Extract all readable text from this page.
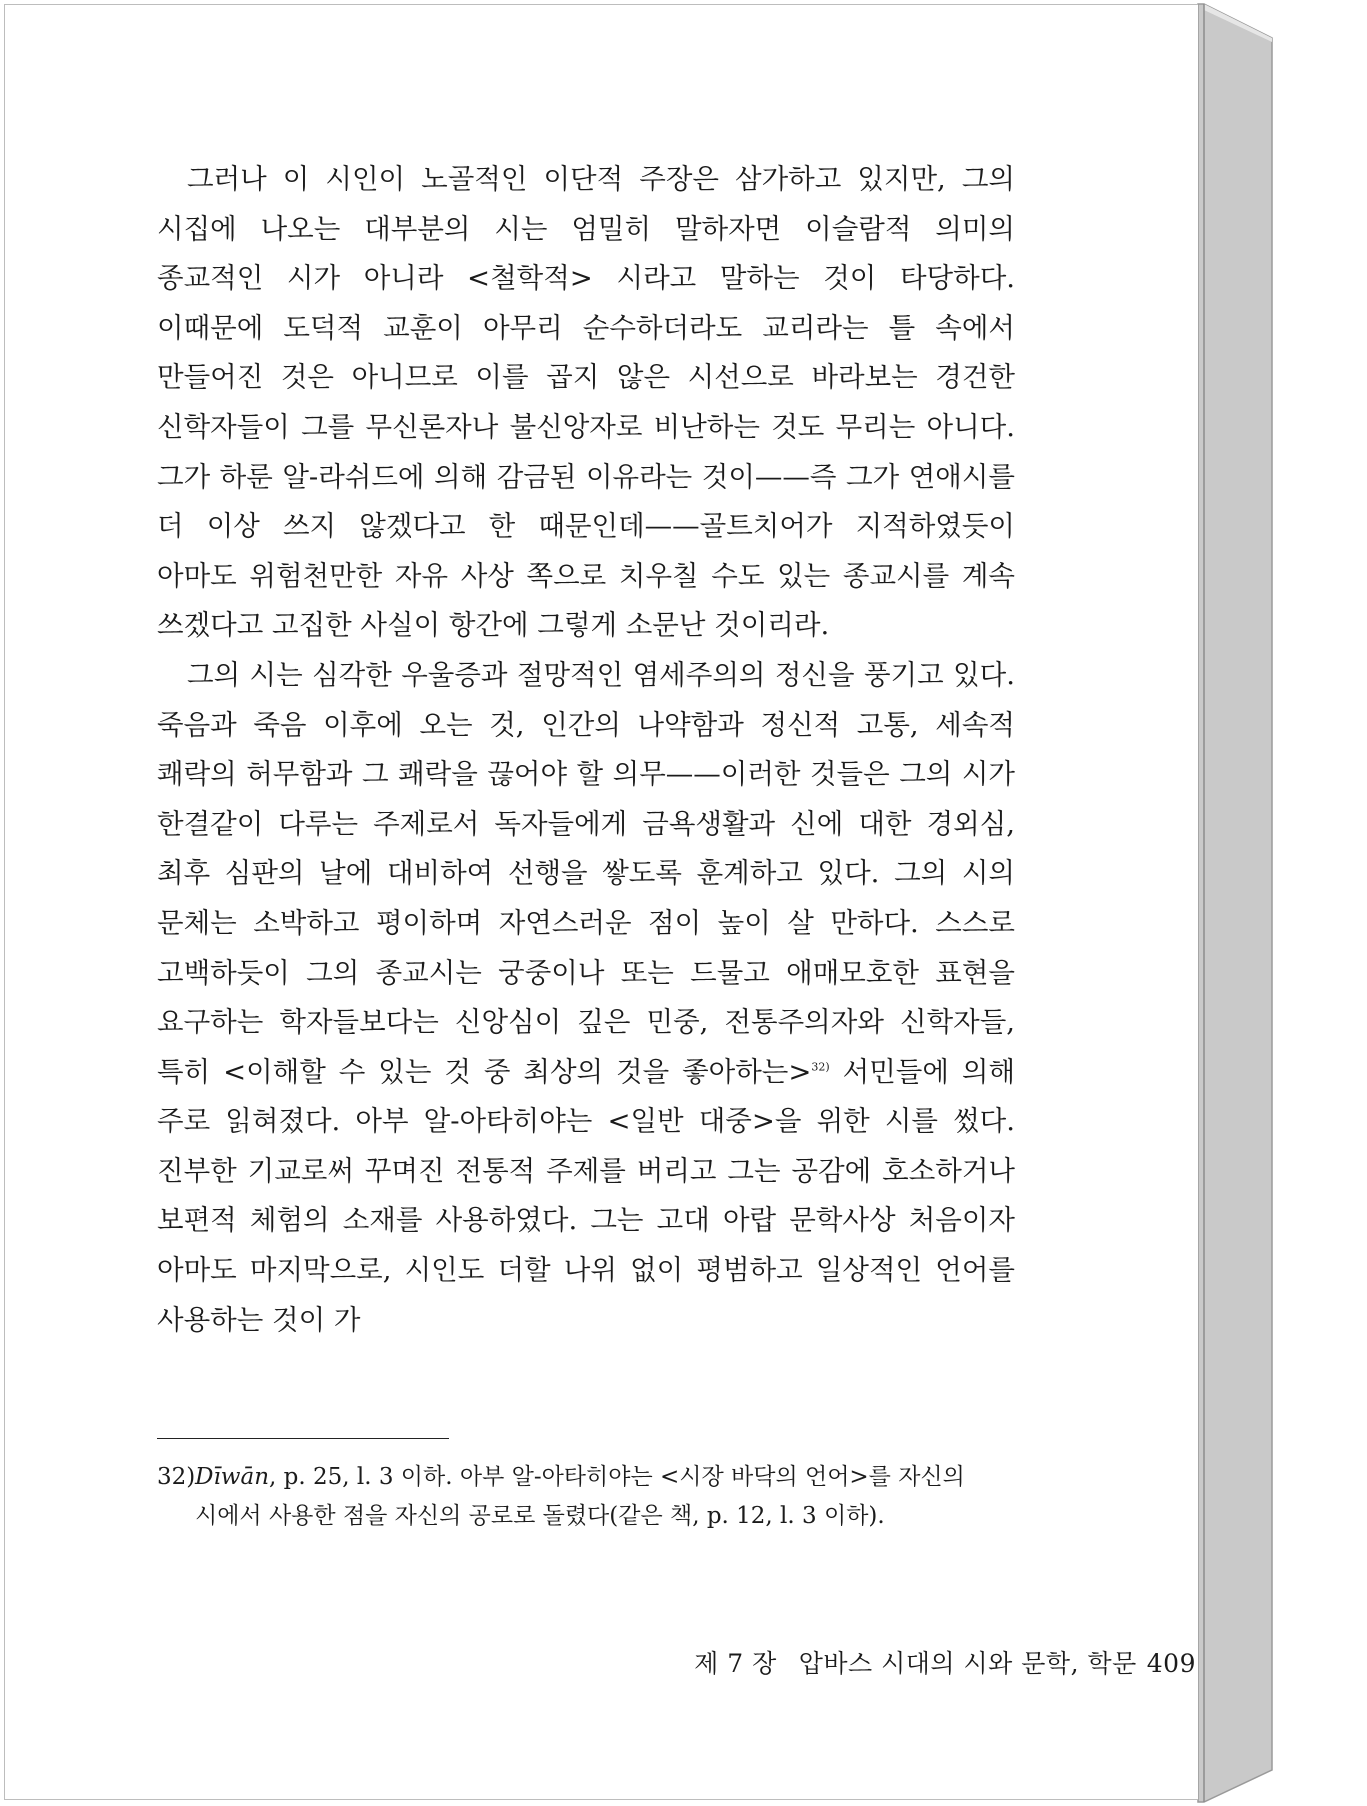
그러나 이 시인이 노골적인 이단적 주장은 삼가하고 있지만, 그의 시집에 나오는 대부분의 시는 엄밀히 말하자면 이슬람적 의미의 종교적인 시가 아니라 <철학적> 시라고 말하는 것이 타당하다. 이때문에 도덕적 교훈이 아무리 순수하더라도 교리라는 틀 속에서 만들어진 것은 아니므로 이를 곱지 않은 시선으로 바라보는 경건한 신학자들이 그를 무신론자나 불신앙자로 비난하는 것도 무리는 아니다. 그가 하룬 알-라쉬드에 의해 감금된 이유라는 것이——즉 그가 연애시를 더 이상 쓰지 않겠다고 한 때문인데——골트치어가 지적하였듯이 아마도 위험천만한 자유 사상 쪽으로 치우칠 수도 있는 종교시를 계속 쓰겠다고 고집한 사실이 항간에 그렇게 소문난 것이리라.

그의 시는 심각한 우울증과 절망적인 염세주의의 정신을 풍기고 있다. 죽음과 죽음 이후에 오는 것, 인간의 나약함과 정신적 고통, 세속적 쾌락의 허무함과 그 쾌락을 끊어야 할 의무——이러한 것들은 그의 시가 한결같이 다루는 주제로서 독자들에게 금욕생활과 신에 대한 경외심, 최후 심판의 날에 대비하여 선행을 쌓도록 훈계하고 있다. 그의 시의 문체는 소박하고 평이하며 자연스러운 점이 높이 살 만하다. 스스로 고백하듯이 그의 종교시는 궁중이나 또는 드물고 애매모호한 표현을 요구하는 학자들보다는 신앙심이 깊은 민중, 전통주의자와 신학자들, 특히 <이해할 수 있는 것 중 최상의 것을 좋아하는>$^{32)}$ 서민들에 의해 주로 읽혀졌다. 아부 알-아타히야는 <일반 대중>을 위한 시를 썼다. 진부한 기교로써 꾸며진 전통적 주제를 버리고 그는 공감에 호소하거나 보편적 체험의 소재를 사용하였다. 그는 고대 아랍 문학사상 처음이자 아마도 마지막으로, 시인도 더할 나위 없이 평범하고 일상적인 언어를 사용하는 것이 가

32) Dīwān, p. 25, l. 3 이하. 아부 알-아타히야는 <시장 바닥의 언어>를 자신의 시에서 사용한 점을 자신의 공로로 돌렸다(같은 책, p. 12, l. 3 이하).
제 7 장 압바스 시대의 시와 문학, 학문 409
